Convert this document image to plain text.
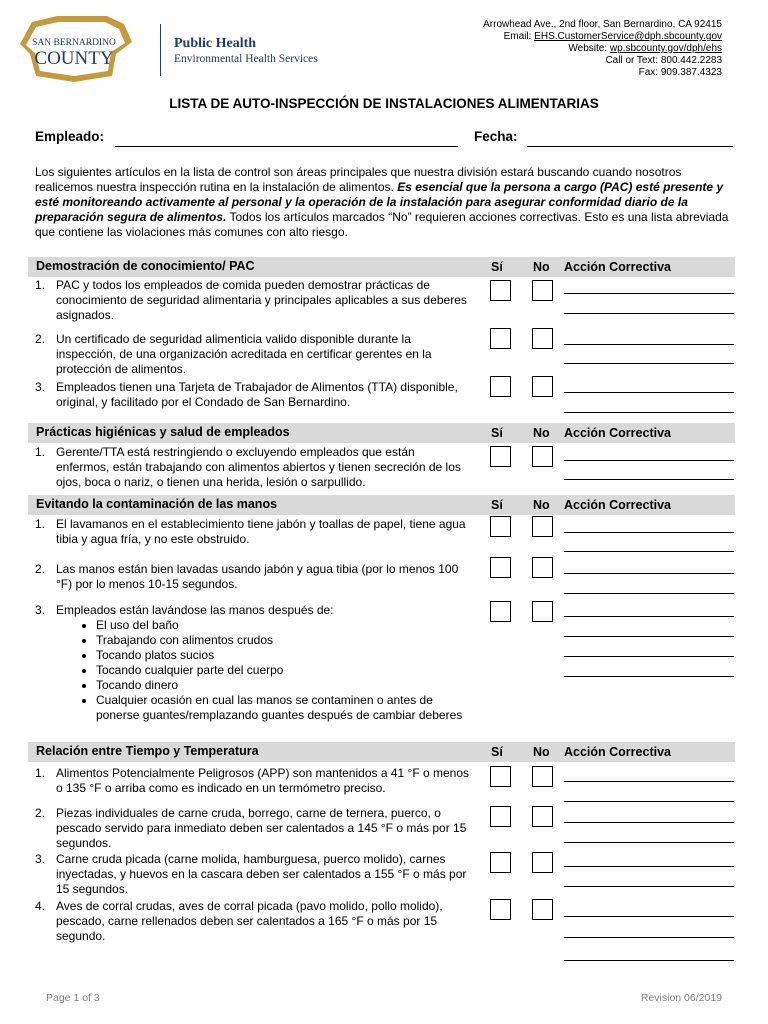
SAN BERNARDINO
COUNTY
Public Health
Environmental Health Services
Arrowhead Ave., 2nd floor, San Bernardino, CA 92415
Email: EHS.CustomerService@dph.sbcounty.gov
Website: wp.sbcounty.gov/dph/ehs
Call or Text: 800.442.2283
Fax: 909.387.4323
LISTA DE AUTO-INSPECCIÓN DE INSTALACIONES ALIMENTARIAS
Empleado:	Fecha:
Los siguientes artículos en la lista de control son áreas principales que nuestra división estará buscando cuando nosotros realicemos nuestra inspección rutina en la instalación de alimentos. Es esencial que la persona a cargo (PAC) esté presente y esté monitoreando activamente al personal y la operación de la instalación para asegurar conformidad diario de la preparación segura de alimentos. Todos los artículos marcados “No” requieren acciones correctivas. Esto es una lista abreviada que contiene las violaciones más comunes con alto riesgo.
Demostración de conocimiento/ PAC	Sí No Acción Correctiva
1. PAC y todos los empleados de comida pueden demostrar prácticas de conocimiento de seguridad alimentaria y principales aplicables a sus deberes asignados.
2. Un certificado de seguridad alimenticia valido disponible durante la inspección, de una organización acreditada en certificar gerentes en la protección de alimentos.
3. Empleados tienen una Tarjeta de Trabajador de Alimentos (TTA) disponible, original, y facilitado por el Condado de San Bernardino.
Prácticas higiénicas y salud de empleados	Sí No Acción Correctiva
1. Gerente/TTA está restringiendo o excluyendo empleados que están enfermos, están trabajando con alimentos abiertos y tienen secreción de los ojos, boca o nariz, o tienen una herida, lesión o sarpullido.
Evitando la contaminación de las manos	Sí No Acción Correctiva
1. El lavamanos en el establecimiento tiene jabón y toallas de papel, tiene agua tibia y agua fría, y no este obstruido.
2. Las manos están bien lavadas usando jabón y agua tibia (por lo menos 100 °F) por lo menos 10-15 segundos.
3. Empleados están lavándose las manos después de:
• El uso del baño
• Trabajando con alimentos crudos
• Tocando platos sucios
• Tocando cualquier parte del cuerpo
• Tocando dinero
• Cualquier ocasión en cual las manos se contaminen o antes de ponerse guantes/remplazando guantes después de cambiar deberes
Relación entre Tiempo y Temperatura	Sí No Acción Correctiva
1. Alimentos Potencialmente Peligrosos (APP) son mantenidos a 41 °F o menos o 135 °F o arriba como es indicado en un termómetro preciso.
2. Piezas individuales de carne cruda, borrego, carne de ternera, puerco, o pescado servido para inmediato deben ser calentados a 145 °F o más por 15 segundos.
3. Carne cruda picada (carne molida, hamburguesa, puerco molido), carnes inyectadas, y huevos en la cascara deben ser calentados a 155 °F o más por 15 segundos.
4. Aves de corral crudas, aves de corral picada (pavo molido, pollo molido), pescado, carne rellenados deben ser calentados a 165 °F o más por 15 segundo.
Page 1 of 3	Revision 06/2019
